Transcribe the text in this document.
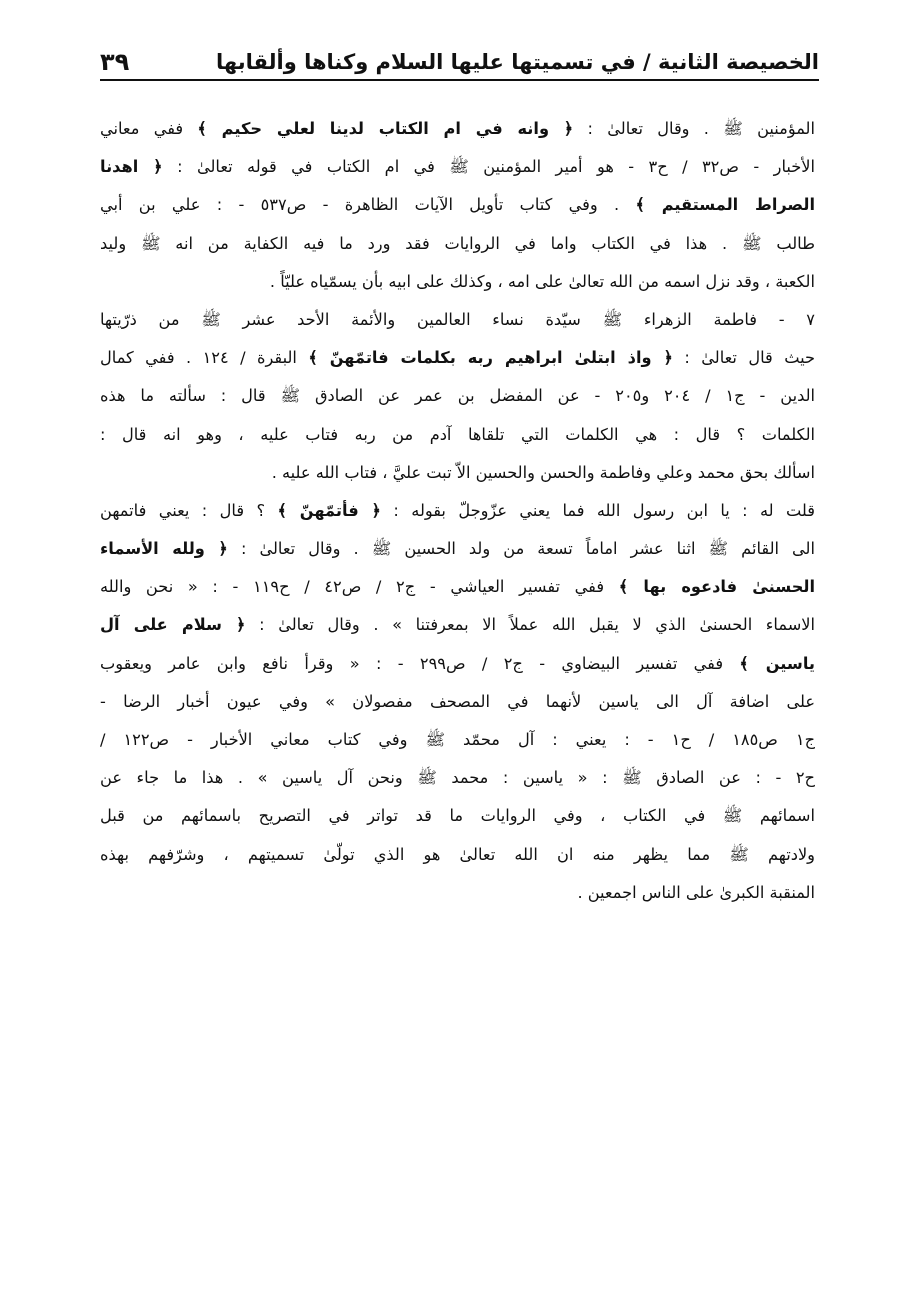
الخصيصة الثانية / في تسميتها عليها السلام وكناها وألقابها
٣٩
المؤمنين ﷺ . وقال تعالىٰ : ﴿ وانه في ام الكتاب لدينا لعلي حكيم ﴾ ففي معاني
الأخبار - ص٣٢ / ح٣ - هو أمير المؤمنين ﷺ في ام الكتاب في قوله تعالىٰ : ﴿ اهدنا
الصراط المستقيم ﴾ . وفي كتاب تأويل الآيات الظاهرة - ص٥٣٧ - : علي بن أبي
طالب ﷺ . هذا في الكتاب واما في الروايات فقد ورد ما فيه الكفاية من انه ﷺ وليد
الكعبة ، وقد نزل اسمه من الله تعالىٰ على امه ، وكذلك على ابيه بأن يسمّياه عليّاً .
٧ - فاطمة الزهراء ﷺ سيّدة نساء العالمين والأئمة الأحد عشر ﷺ من ذرّيتها
حيث قال تعالىٰ : ﴿ واذ ابتلىٰ ابراهيم ربه بكلمات فاتمّهنّ ﴾ البقرة / ١٢٤ . ففي كمال
الدين - ج١ / ٢٠٤ و٢٠٥ - عن المفضل بن عمر عن الصادق ﷺ قال : سألته ما هذه
الكلمات ؟ قال : هي الكلمات التي تلقاها آدم من ربه فتاب عليه ، وهو انه قال :
اسألك بحق محمد وعلي وفاطمة والحسن والحسين الاّ تبت عليَّ ، فتاب الله عليه .
قلت له : يا ابن رسول الله فما يعني عزّوجلّ بقوله : ﴿ فأتمّهنّ ﴾ ؟ قال : يعني فاتمهن
الى القائم ﷺ اثنا عشر اماماً تسعة من ولد الحسين ﷺ . وقال تعالىٰ : ﴿ ولله الأسماء
الحسنىٰ فادعوه بها ﴾ ففي تفسير العياشي - ج٢ / ص٤٢ / ح١١٩ - : « نحن والله
الاسماء الحسنىٰ الذي لا يقبل الله عملاً الا بمعرفتنا » . وقال تعالىٰ : ﴿ سلام على آل
ياسين ﴾ ففي تفسير البيضاوي - ج٢ / ص٢٩٩ - : « وقرأ نافع وابن عامر ويعقوب
على اضافة آل الى ياسين لأنهما في المصحف مفصولان » وفي عيون أخبار الرضا -
ج١ ص١٨٥ / ح١ - : يعني : آل محمّد ﷺ وفي كتاب معاني الأخبار - ص١٢٢ /
ح٢ - : عن الصادق ﷺ : « ياسين : محمد ﷺ ونحن آل ياسين » . هذا ما جاء عن
اسمائهم ﷺ في الكتاب ، وفي الروايات ما قد تواتر في التصريح باسمائهم من قبل
ولادتهم ﷺ مما يظهر منه ان الله تعالىٰ هو الذي تولّىٰ تسميتهم ، وشرّفهم بهذه
المنقبة الكبرىٰ على الناس اجمعين .
